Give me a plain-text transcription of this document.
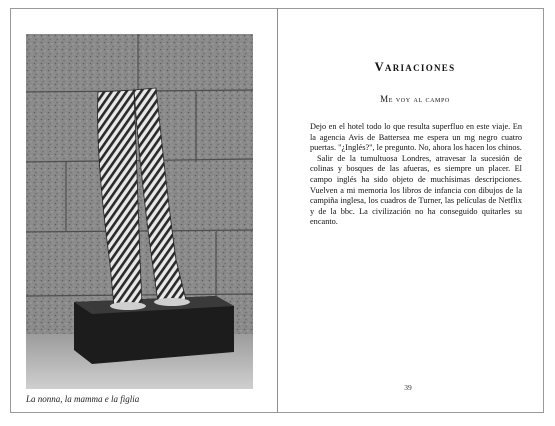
La nonna, la mamma e la figlia
Variaciones
Me voy al campo

Dejo en el hotel todo lo que resulta superfluo en este viaje. En la agencia Avis de Battersea me espera un mg negro cuatro puertas. "¿Inglés?", le pregunto. No, ahora los hacen los chinos.

Salir de la tumultuosa Londres, atravesar la sucesión de colinas y bosques de las afueras, es siempre un placer. El campo inglés ha sido objeto de muchísimas descripciones. Vuelven a mi memoria los libros de infancia con dibujos de la campiña inglesa, los cuadros de Turner, las películas de Netflix y de la bbc. La civilización no ha conseguido quitarles su encanto.

39
